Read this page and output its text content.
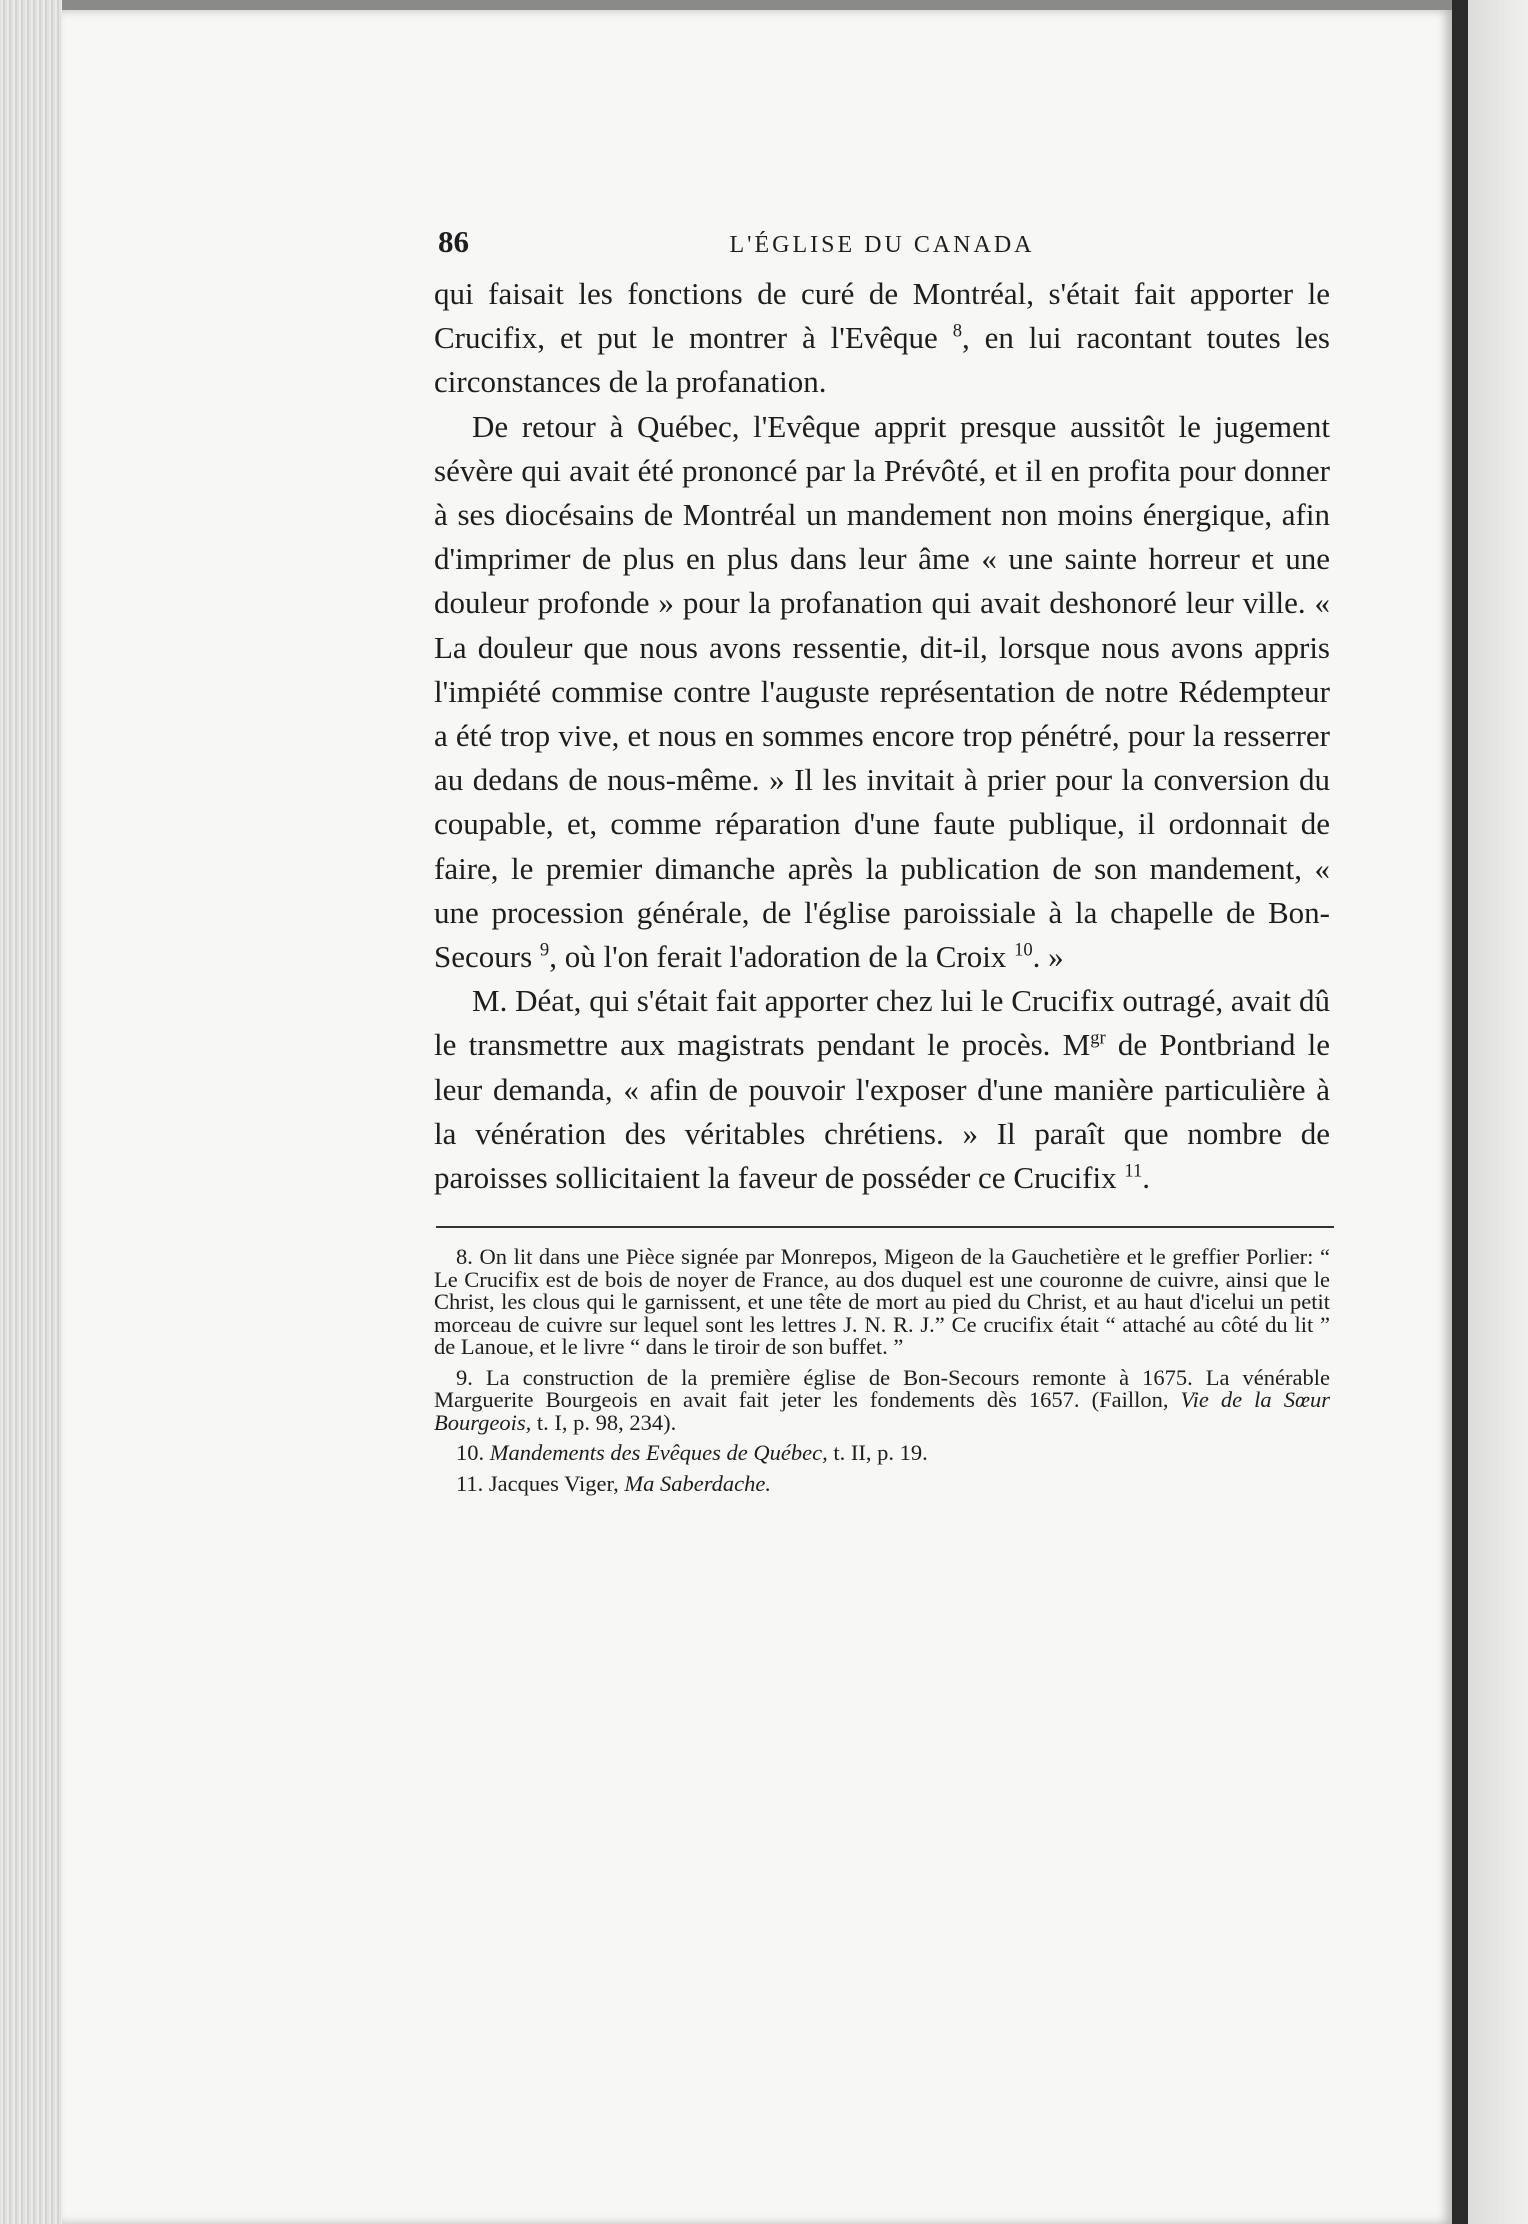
86	L'ÉGLISE DU CANADA

qui faisait les fonctions de curé de Montréal, s'était fait apporter le Crucifix, et put le montrer à l'Evêque $^8$, en lui racontant toutes les circonstances de la profanation.

De retour à Québec, l'Evêque apprit presque aussitôt le jugement sévère qui avait été prononcé par la Prévôté, et il en profita pour donner à ses diocésains de Montréal un mandement non moins énergique, afin d'imprimer de plus en plus dans leur âme « une sainte horreur et une douleur profonde » pour la profanation qui avait deshonoré leur ville. « La douleur que nous avons ressentie, dit-il, lorsque nous avons appris l'impiété commise contre l'auguste représentation de notre Rédempteur a été trop vive, et nous en sommes encore trop pénétré, pour la resserrer au dedans de nous-même. » Il les invitait à prier pour la conversion du coupable, et, comme réparation d'une faute publique, il ordonnait de faire, le premier dimanche après la publication de son mandement, « une procession générale, de l'église paroissiale à la chapelle de Bon-Secours $^9$, où l'on ferait l'adoration de la Croix $^{10}$. »

M. Déat, qui s'était fait apporter chez lui le Crucifix outragé, avait dû le transmettre aux magistrats pendant le procès. $M^{gr}$ de Pontbriand le leur demanda, « afin de pouvoir l'exposer d'une manière particulière à la vénération des véritables chrétiens. » Il paraît que nombre de paroisses sollicitaient la faveur de posséder ce Crucifix $^{11}$.

8. On lit dans une Pièce signée par Monrepos, Migeon de la Gauchetière et le greffier Porlier: “ Le Crucifix est de bois de noyer de France, au dos duquel est une couronne de cuivre, ainsi que le Christ, les clous qui le garnissent, et une tête de mort au pied du Christ, et au haut d'icelui un petit morceau de cuivre sur lequel sont les lettres J. N. R. J.” Ce crucifix était “ attaché au côté du lit ” de Lanoue, et le livre “ dans le tiroir de son buffet. ”

9. La construction de la première église de Bon-Secours remonte à 1675. La vénérable Marguerite Bourgeois en avait fait jeter les fondements dès 1657. (Faillon, Vie de la Sœur Bourgeois, t. I, p. 98, 234).

10. Mandements des Evêques de Québec, t. II, p. 19.

11. Jacques Viger, Ma Saberdache.
